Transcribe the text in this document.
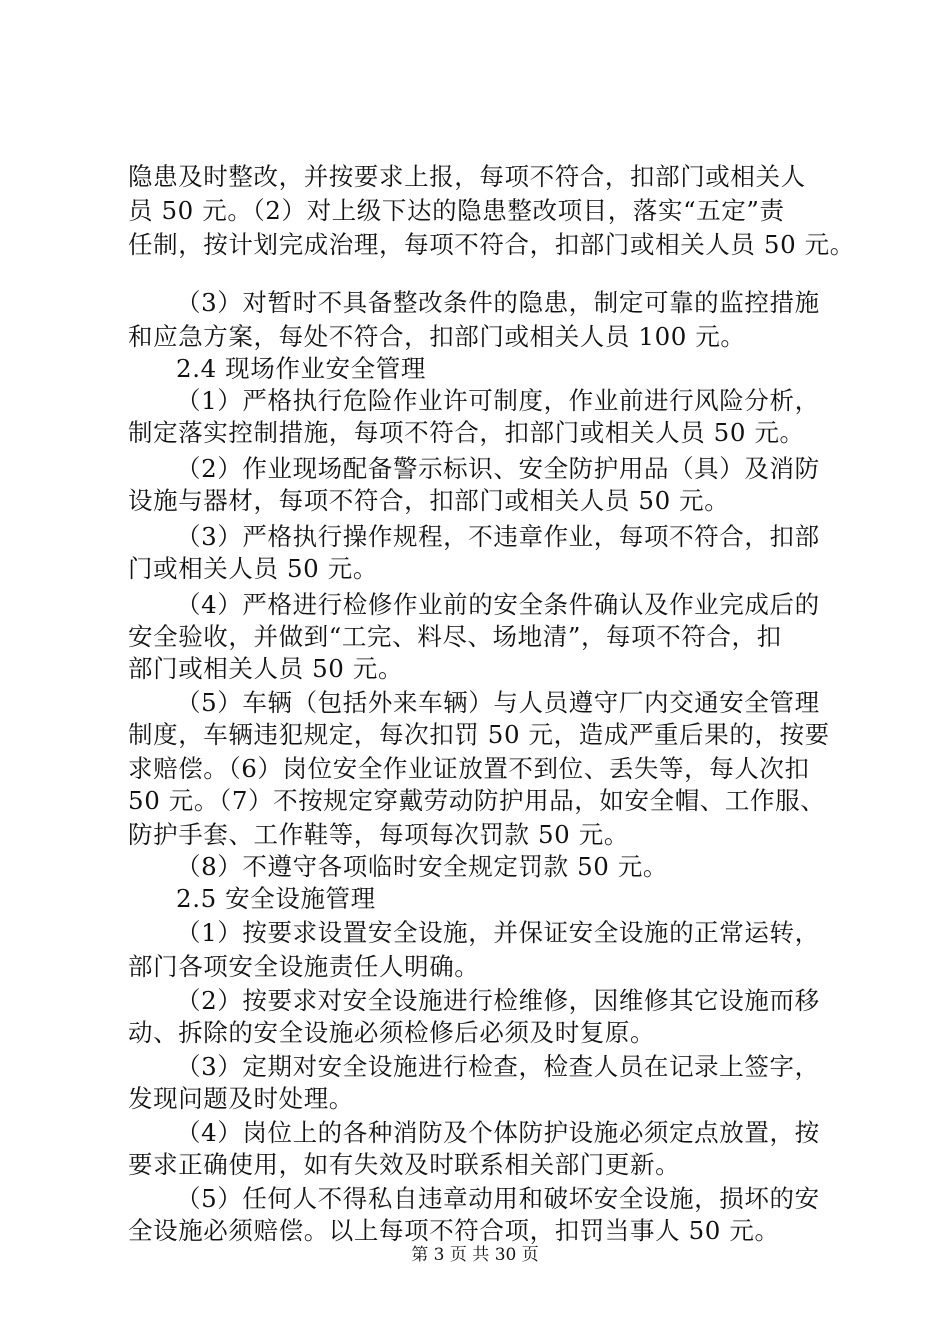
隐患及时整改，并按要求上报，每项不符合，扣部门或相关人
员 50 元。（2）对上级下达的隐患整改项目，落实“五定”责
任制，按计划完成治理，每项不符合，扣部门或相关人员 50 元。
（3）对暂时不具备整改条件的隐患，制定可靠的监控措施
和应急方案，每处不符合，扣部门或相关人员 100 元。
2.4 现场作业安全管理
（1）严格执行危险作业许可制度，作业前进行风险分析，
制定落实控制措施，每项不符合，扣部门或相关人员 50 元。
（2）作业现场配备警示标识、安全防护用品（具）及消防
设施与器材，每项不符合，扣部门或相关人员 50 元。
（3）严格执行操作规程，不违章作业，每项不符合，扣部
门或相关人员 50 元。
（4）严格进行检修作业前的安全条件确认及作业完成后的
安全验收，并做到“工完、料尽、场地清”，每项不符合，扣
部门或相关人员 50 元。
（5）车辆（包括外来车辆）与人员遵守厂内交通安全管理
制度，车辆违犯规定，每次扣罚 50 元，造成严重后果的，按要
求赔偿。（6）岗位安全作业证放置不到位、丢失等，每人次扣
50 元。（7）不按规定穿戴劳动防护用品，如安全帽、工作服、
防护手套、工作鞋等，每项每次罚款 50 元。
（8）不遵守各项临时安全规定罚款 50 元。
2.5 安全设施管理
（1）按要求设置安全设施，并保证安全设施的正常运转，
部门各项安全设施责任人明确。
（2）按要求对安全设施进行检维修，因维修其它设施而移
动、拆除的安全设施必须检修后必须及时复原。
（3）定期对安全设施进行检查，检查人员在记录上签字，
发现问题及时处理。
（4）岗位上的各种消防及个体防护设施必须定点放置，按
要求正确使用，如有失效及时联系相关部门更新。
（5）任何人不得私自违章动用和破坏安全设施，损坏的安
全设施必须赔偿。以上每项不符合项，扣罚当事人 50 元。
第 3 页 共 30 页
